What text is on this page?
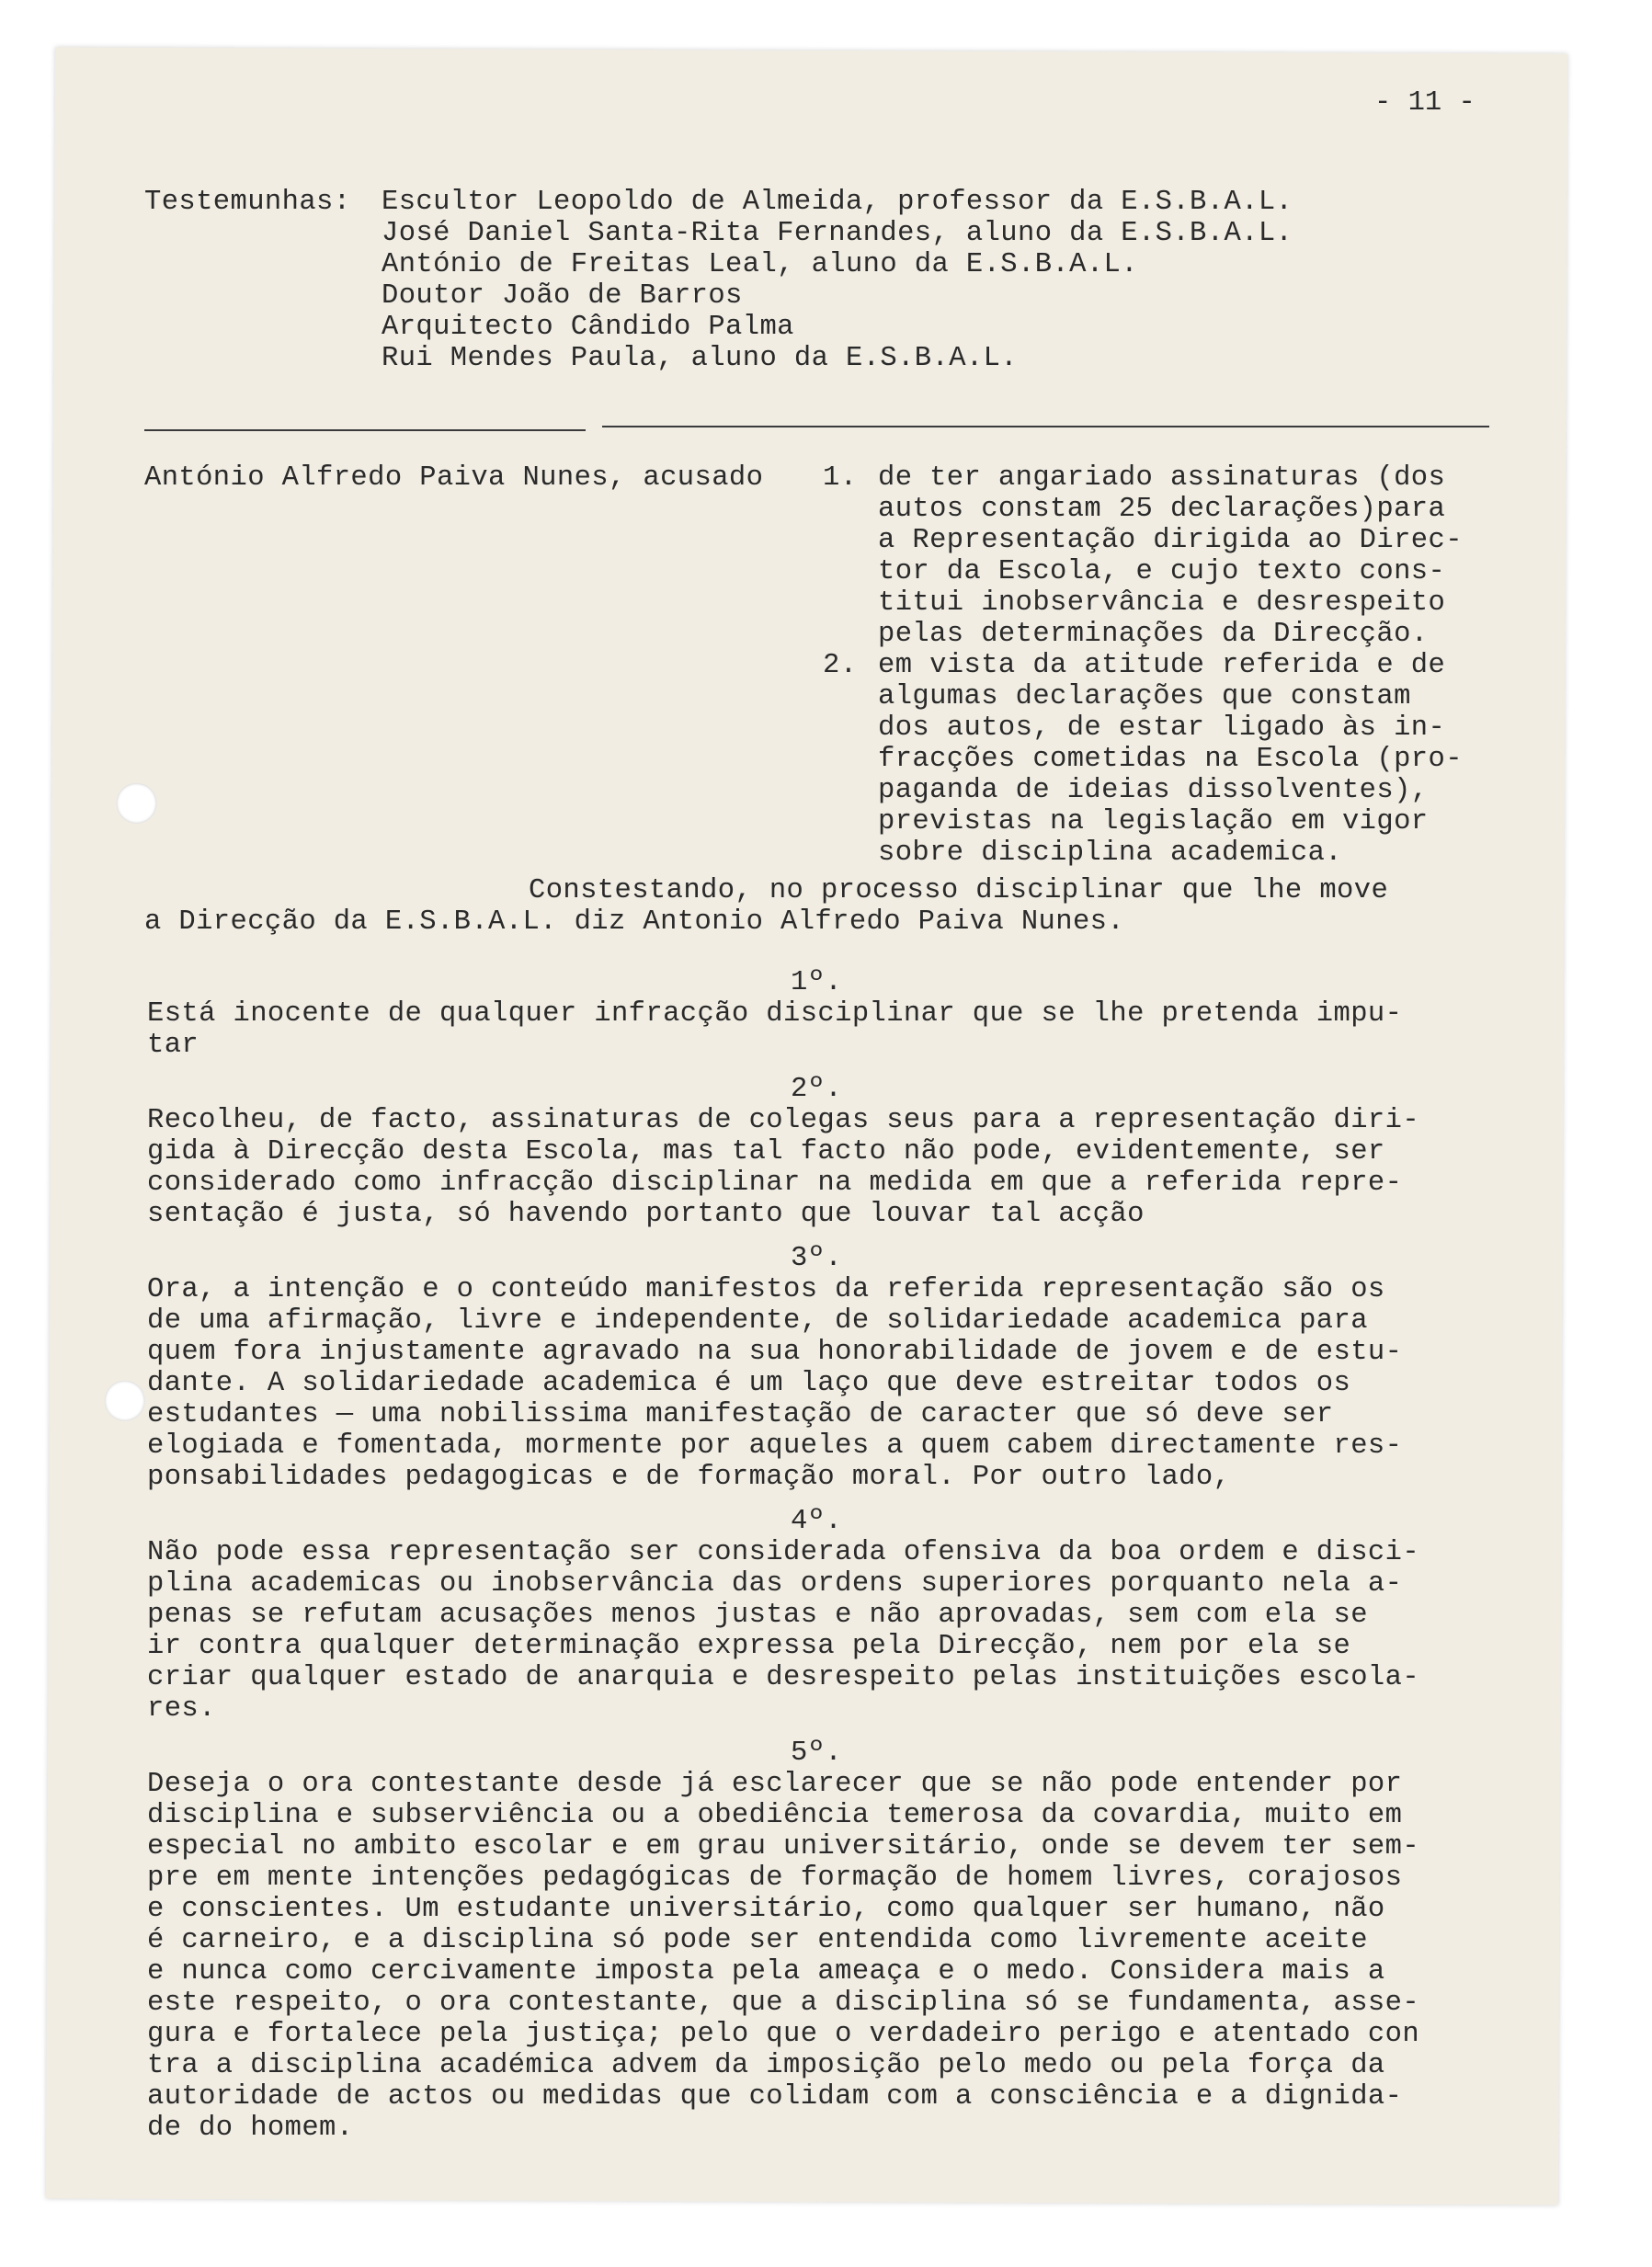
- 11 -
Testemunhas: Escultor Leopoldo de Almeida, professor da E.S.B.A.L.
José Daniel Santa-Rita Fernandes, aluno da E.S.B.A.L.
António de Freitas Leal, aluno da E.S.B.A.L.
Doutor João de Barros
Arquitecto Cândido Palma
Rui Mendes Paula, aluno da E.S.B.A.L.
António Alfredo Paiva Nunes, acusado 1. de ter angariado assinaturas (dos
autos constam 25 declarações)para
a Representação dirigida ao Direc-
tor da Escola, e cujo texto cons-
titui inobservância e desrespeito
pelas determinações da Direcção.
2. em vista da atitude referida e de
algumas declarações que constam
dos autos, de estar ligado às in-
fracções cometidas na Escola (pro-
paganda de ideias dissolventes),
previstas na legislação em vigor
sobre disciplina academica.
Constestando, no processo disciplinar que lhe move
a Direcção da E.S.B.A.L. diz Antonio Alfredo Paiva Nunes.
1º.
Está inocente de qualquer infracção disciplinar que se lhe pretenda impu-
tar
2º.
Recolheu, de facto, assinaturas de colegas seus para a representação diri-
gida à Direcção desta Escola, mas tal facto não pode, evidentemente, ser
considerado como infracção disciplinar na medida em que a referida repre-
sentação é justa, só havendo portanto que louvar tal acção
3º.
Ora, a intenção e o conteúdo manifestos da referida representação são os
de uma afirmação, livre e independente, de solidariedade academica para
quem fora injustamente agravado na sua honorabilidade de jovem e de estu-
dante. A solidariedade academica é um laço que deve estreitar todos os
estudantes — uma nobilissima manifestação de caracter que só deve ser
elogiada e fomentada, mormente por aqueles a quem cabem directamente res-
ponsabilidades pedagogicas e de formação moral. Por outro lado,
4º.
Não pode essa representação ser considerada ofensiva da boa ordem e disci-
plina academicas ou inobservância das ordens superiores porquanto nela a-
penas se refutam acusações menos justas e não aprovadas, sem com ela se
ir contra qualquer determinação expressa pela Direcção, nem por ela se
criar qualquer estado de anarquia e desrespeito pelas instituições escola-
res.
5º.
Deseja o ora contestante desde já esclarecer que se não pode entender por
disciplina e subserviência ou a obediência temerosa da covardia, muito em
especial no ambito escolar e em grau universitário, onde se devem ter sem-
pre em mente intenções pedagógicas de formação de homem livres, corajosos
e conscientes. Um estudante universitário, como qualquer ser humano, não
é carneiro, e a disciplina só pode ser entendida como livremente aceite
e nunca como cercivamente imposta pela ameaça e o medo. Considera mais a
este respeito, o ora contestante, que a disciplina só se fundamenta, asse-
gura e fortalece pela justiça; pelo que o verdadeiro perigo e atentado con
tra a disciplina académica advem da imposição pelo medo ou pela força da
autoridade de actos ou medidas que colidam com a consciência e a dignida-
de do homem.
